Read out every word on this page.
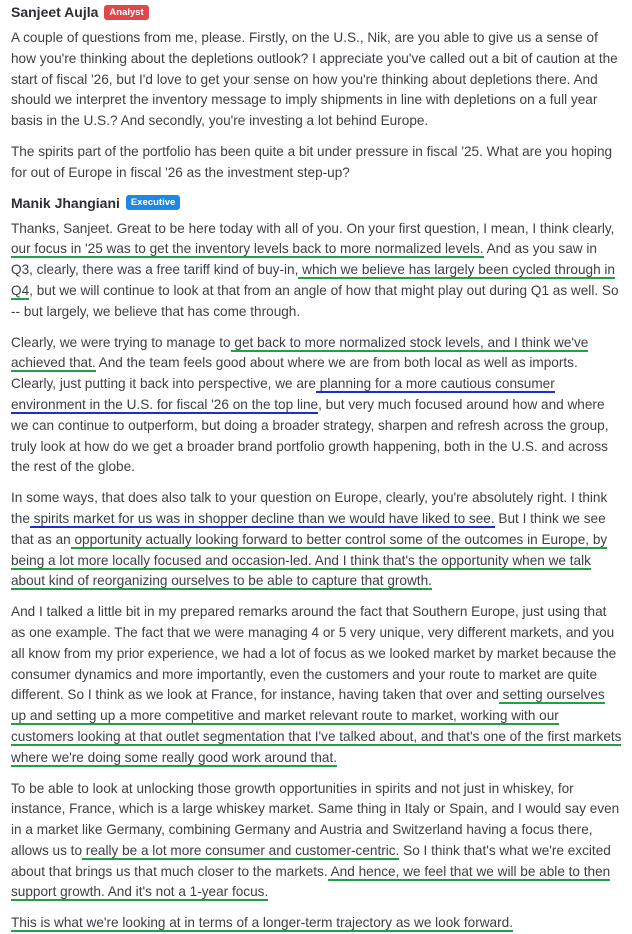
Sanjeet Aujla	Analyst

A couple of questions from me, please. Firstly, on the U.S., Nik, are you able to give us a sense of how you're thinking about the depletions outlook? I appreciate you've called out a bit of caution at the start of fiscal '26, but I'd love to get your sense on how you're thinking about depletions there. And should we interpret the inventory message to imply shipments in line with depletions on a full year basis in the U.S.? And secondly, you're investing a lot behind Europe.

The spirits part of the portfolio has been quite a bit under pressure in fiscal '25. What are you hoping for out of Europe in fiscal '26 as the investment step-up?

Manik Jhangiani	Executive

Thanks, Sanjeet. Great to be here today with all of you. On your first question, I mean, I think clearly, our focus in '25 was to get the inventory levels back to more normalized levels. And as you saw in Q3, clearly, there was a free tariff kind of buy-in, which we believe has largely been cycled through in Q4, but we will continue to look at that from an angle of how that might play out during Q1 as well. So -- but largely, we believe that has come through.

Clearly, we were trying to manage to get back to more normalized stock levels, and I think we've achieved that. And the team feels good about where we are from both local as well as imports. Clearly, just putting it back into perspective, we are planning for a more cautious consumer environment in the U.S. for fiscal '26 on the top line, but very much focused around how and where we can continue to outperform, but doing a broader strategy, sharpen and refresh across the group, truly look at how do we get a broader brand portfolio growth happening, both in the U.S. and across the rest of the globe.

In some ways, that does also talk to your question on Europe, clearly, you're absolutely right. I think the spirits market for us was in shopper decline than we would have liked to see. But I think we see that as an opportunity actually looking forward to better control some of the outcomes in Europe, by being a lot more locally focused and occasion-led. And I think that's the opportunity when we talk about kind of reorganizing ourselves to be able to capture that growth.

And I talked a little bit in my prepared remarks around the fact that Southern Europe, just using that as one example. The fact that we were managing 4 or 5 very unique, very different markets, and you all know from my prior experience, we had a lot of focus as we looked market by market because the consumer dynamics and more importantly, even the customers and your route to market are quite different. So I think as we look at France, for instance, having taken that over and setting ourselves up and setting up a more competitive and market relevant route to market, working with our customers looking at that outlet segmentation that I've talked about, and that's one of the first markets where we're doing some really good work around that.

To be able to look at unlocking those growth opportunities in spirits and not just in whiskey, for instance, France, which is a large whiskey market. Same thing in Italy or Spain, and I would say even in a market like Germany, combining Germany and Austria and Switzerland having a focus there, allows us to really be a lot more consumer and customer-centric. So I think that's what we're excited about that brings us that much closer to the markets. And hence, we feel that we will be able to then support growth. And it's not a 1-year focus.

This is what we're looking at in terms of a longer-term trajectory as we look forward.
